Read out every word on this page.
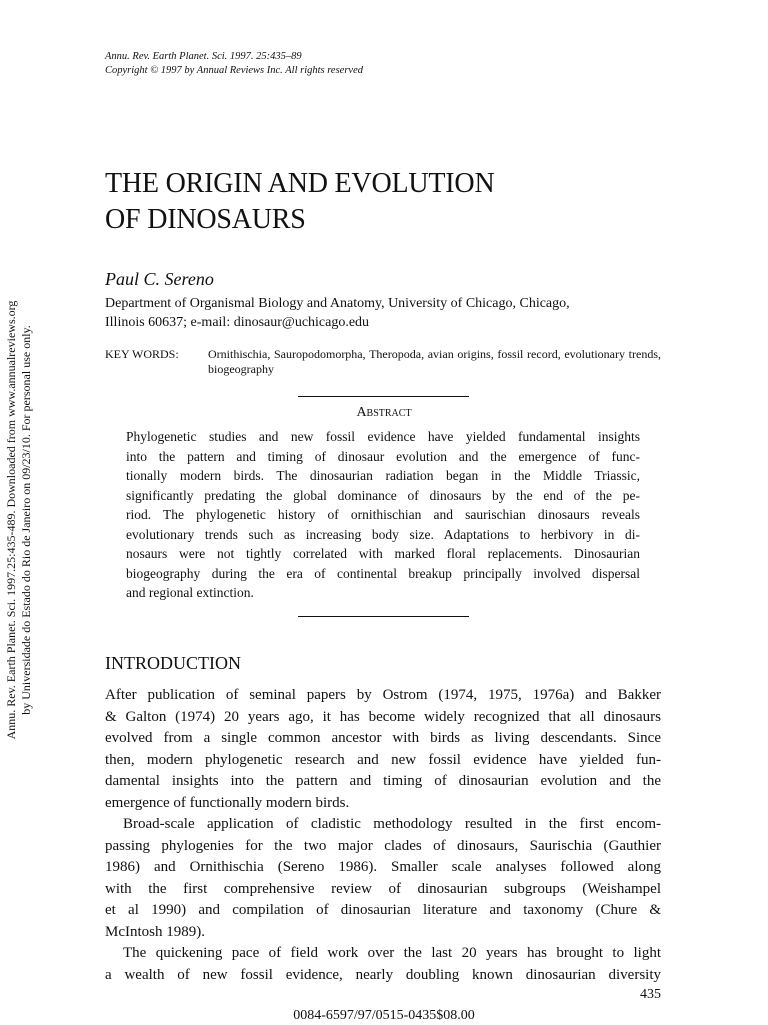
Annu. Rev. Earth Planet. Sci. 1997. 25:435–89
Copyright © 1997 by Annual Reviews Inc. All rights reserved
THE ORIGIN AND EVOLUTION
OF DINOSAURS
Paul C. Sereno
Department of Organismal Biology and Anatomy, University of Chicago, Chicago,
Illinois 60637; e-mail: dinosaur@uchicago.edu
KEY WORDS:	Ornithischia, Sauropodomorpha, Theropoda, avian origins, fossil record, evolutionary trends, biogeography
Abstract
Phylogenetic studies and new fossil evidence have yielded fundamental insights
into the pattern and timing of dinosaur evolution and the emergence of func-
tionally modern birds. The dinosaurian radiation began in the Middle Triassic,
significantly predating the global dominance of dinosaurs by the end of the pe-
riod. The phylogenetic history of ornithischian and saurischian dinosaurs reveals
evolutionary trends such as increasing body size. Adaptations to herbivory in di-
nosaurs were not tightly correlated with marked floral replacements. Dinosaurian
biogeography during the era of continental breakup principally involved dispersal
and regional extinction.
INTRODUCTION
After publication of seminal papers by Ostrom (1974, 1975, 1976a) and Bakker
& Galton (1974) 20 years ago, it has become widely recognized that all dinosaurs
evolved from a single common ancestor with birds as living descendants. Since
then, modern phylogenetic research and new fossil evidence have yielded fun-
damental insights into the pattern and timing of dinosaurian evolution and the
emergence of functionally modern birds.
Broad-scale application of cladistic methodology resulted in the first encom-
passing phylogenies for the two major clades of dinosaurs, Saurischia (Gauthier
1986) and Ornithischia (Sereno 1986). Smaller scale analyses followed along
with the first comprehensive review of dinosaurian subgroups (Weishampel
et al 1990) and compilation of dinosaurian literature and taxonomy (Chure &
McIntosh 1989).
The quickening pace of field work over the last 20 years has brought to light
a wealth of new fossil evidence, nearly doubling known dinosaurian diversity
435
0084-6597/97/0515-0435$08.00
Annu. Rev. Earth Planet. Sci. 1997.25:435-489. Downloaded from www.annualreviews.org by Universidade do Estado do Rio de Janeiro on 09/23/10. For personal use only.
